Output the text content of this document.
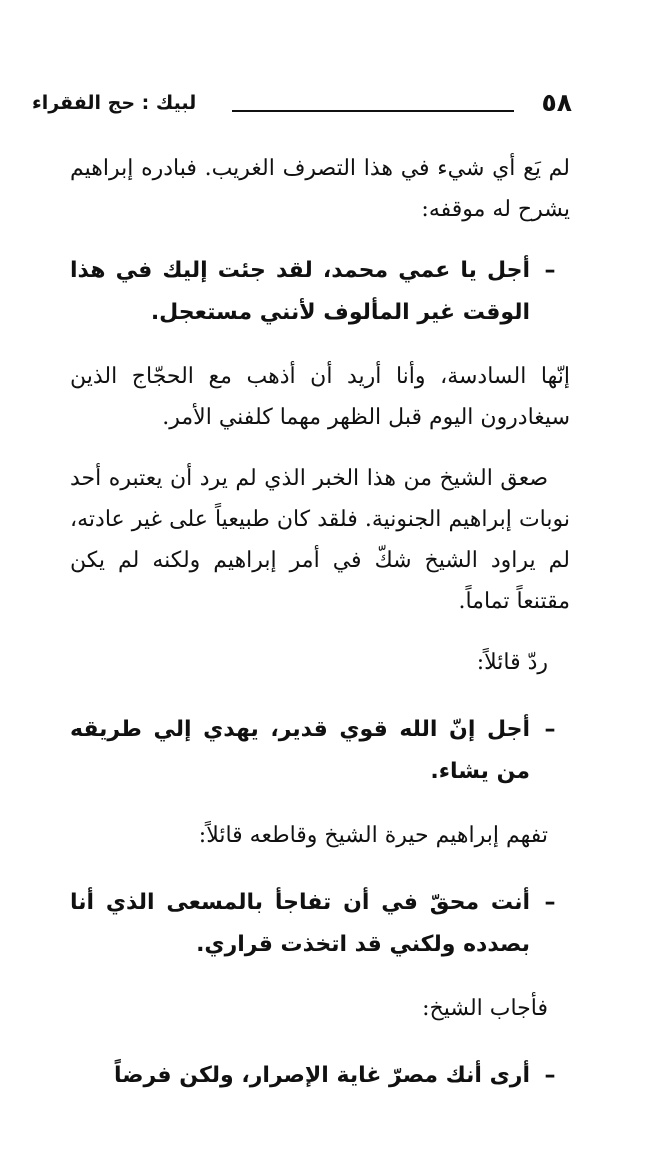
٥٨
لبيك : حج الفقراء

لم يَع أي شيء في هذا التصرف الغريب. فبادره إبراهيم يشرح له موقفه:

–
أجل يا عمي محمد، لقد جئت إليك في هذا الوقت غير المألوف لأنني مستعجل.

إنّها السادسة، وأنا أريد أن أذهب مع الحجّاج الذين سيغادرون اليوم قبل الظهر مهما كلفني الأمر.

صعق الشيخ من هذا الخبر الذي لم يرد أن يعتبره أحد نوبات إبراهيم الجنونية. فلقد كان طبيعياً على غير عادته، لم يراود الشيخ شكّ في أمر إبراهيم ولكنه لم يكن مقتنعاً تماماً.

ردّ قائلاً:

–
أجل إنّ الله قوي قدير، يهدي إلي طريقه من يشاء.

تفهم إبراهيم حيرة الشيخ وقاطعه قائلاً:

–
أنت محقّ في أن تفاجأ بالمسعى الذي أنا بصدده ولكني قد اتخذت قراري.

فأجاب الشيخ:

–
أرى أنك مصرّ غاية الإصرار، ولكن فرضاً
